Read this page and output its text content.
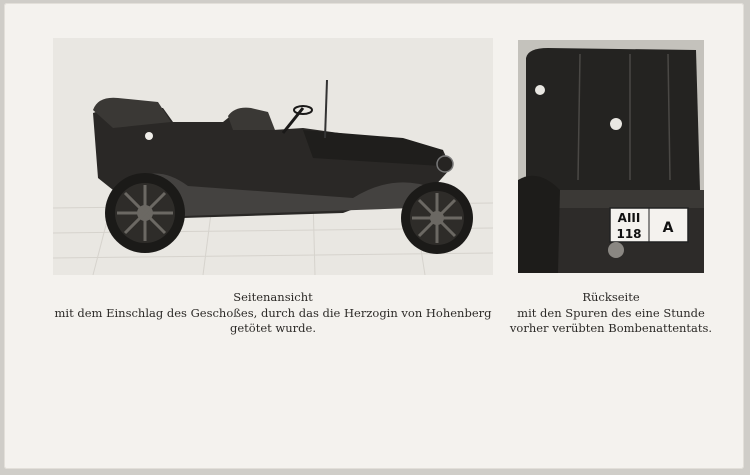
AIII
118 A
Seitenansicht
mit dem Einschlag des Geschoßes, durch das die Herzogin von Hohenberg
getötet wurde.
Rückseite
mit den Spuren des eine Stunde
vorher verübten Bombenattentats.
